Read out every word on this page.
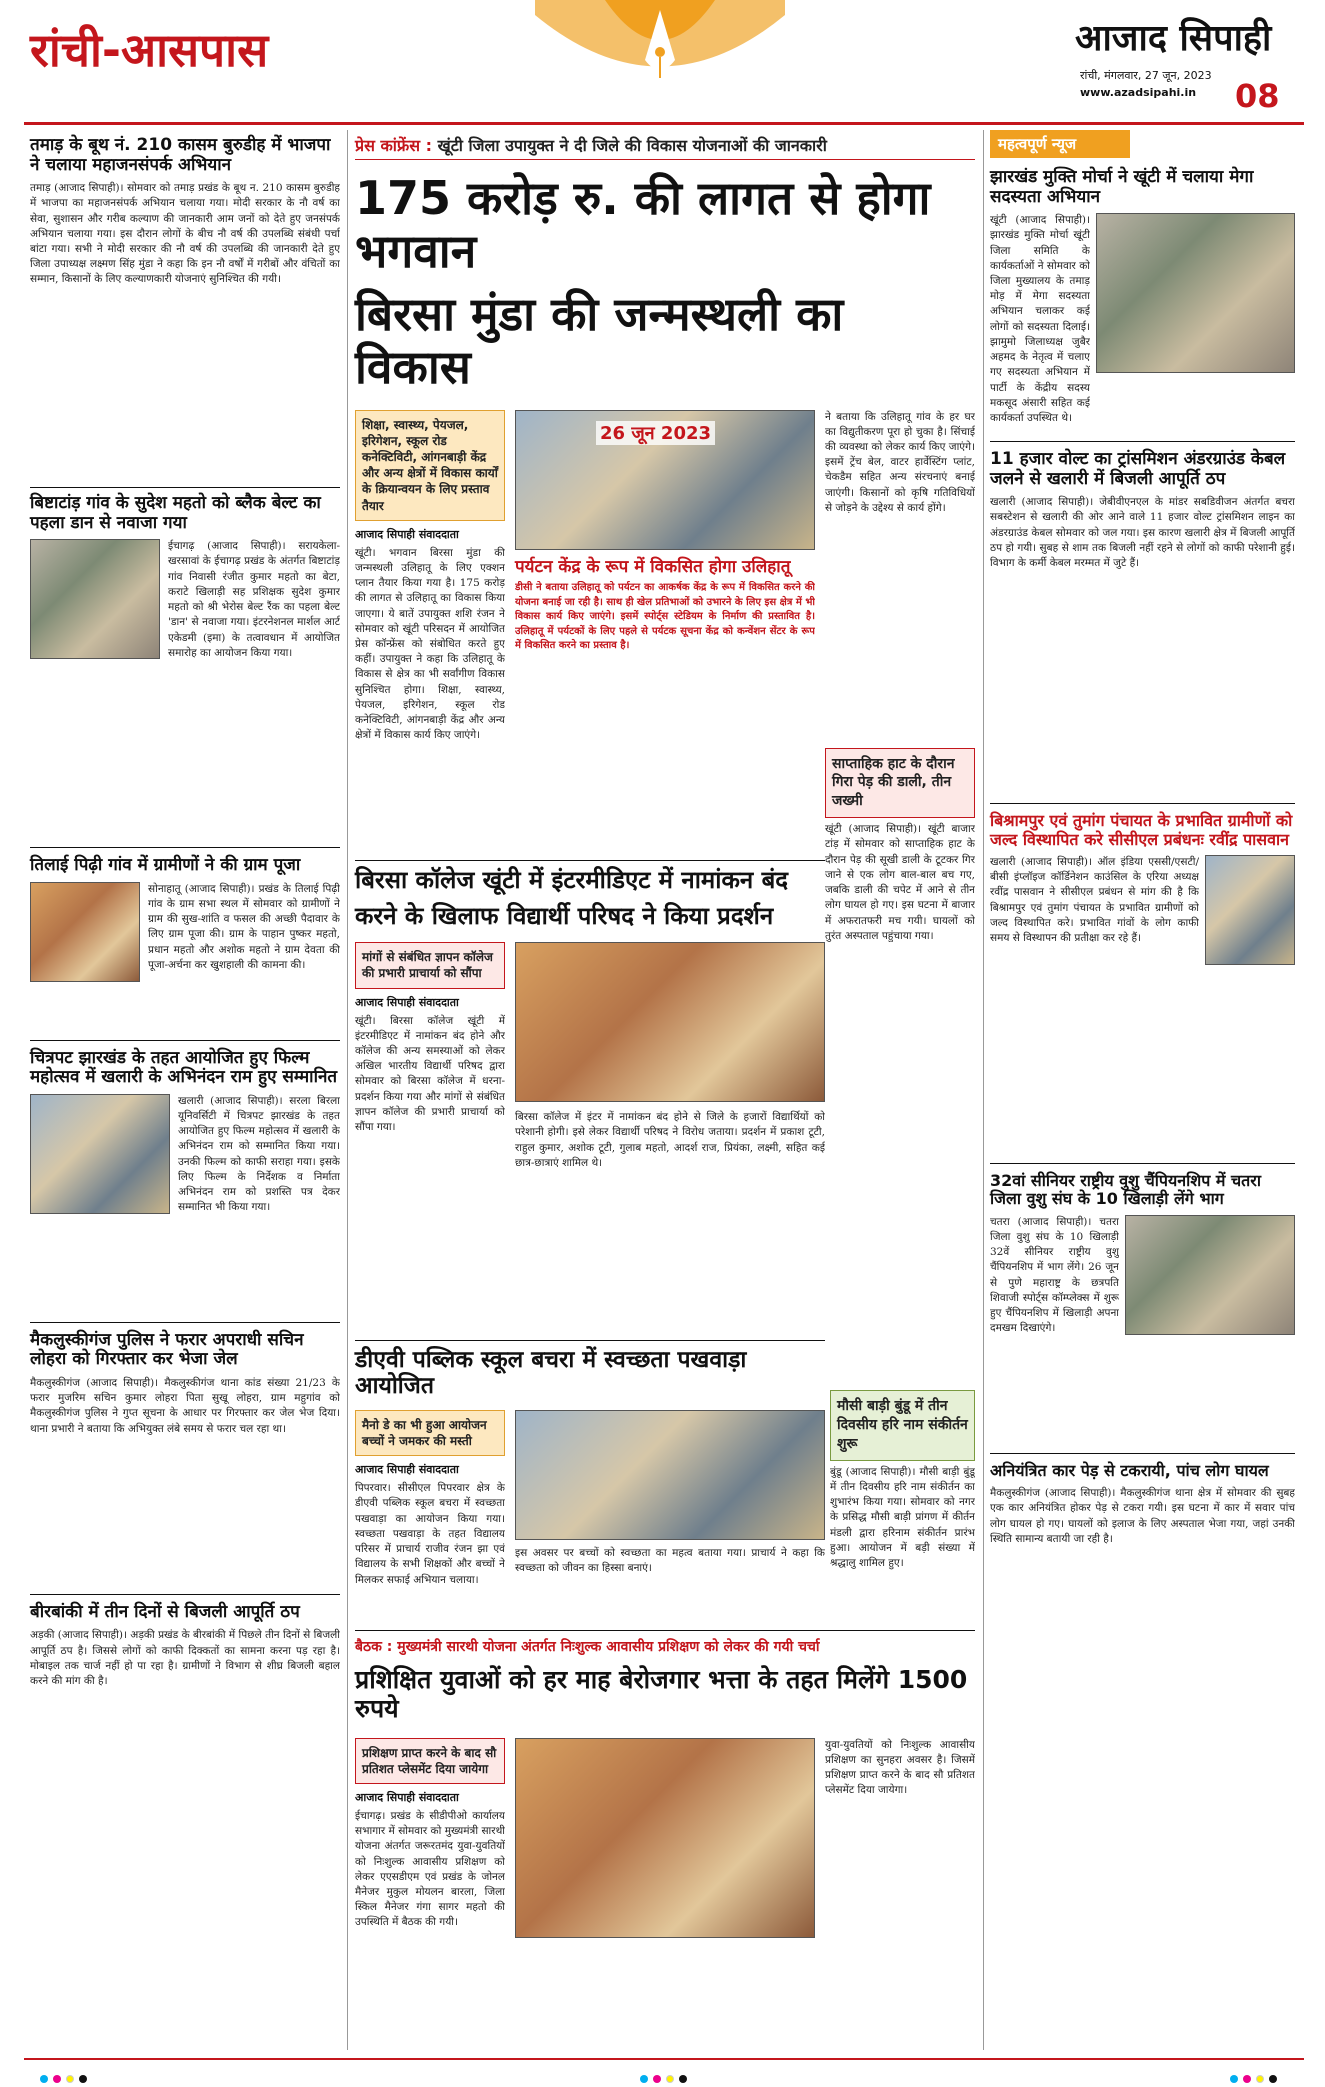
रांची-आसपास	आजाद सिपाही
रांची, मंगलवार, 27 जून, 2023
www.azadsipahi.in 08
तमाड़ के बूथ नं. 210 कासम बुरुडीह में भाजपा ने चलाया महाजनसंपर्क अभियान
तमाड़ (आजाद सिपाही)। सोमवार को तमाड़ प्रखंड के बूथ न. 210 कासम बुरुडीह में भाजपा का महाजनसंपर्क अभियान चलाया गया। मोदी सरकार के नौ वर्ष का सेवा, सुशासन और गरीब कल्याण की जानकारी आम जनों को देते हुए जनसंपर्क अभियान चलाया गया। इस दौरान लोगों के बीच नौ वर्ष की उपलब्धि संबंधी पर्चा बांटा गया। सभी ने मोदी सरकार की नौ वर्ष की उपलब्धि की जानकारी देते हुए जिला उपाध्यक्ष लक्ष्मण सिंह मुंडा ने कहा कि इन नौ वर्षों में गरीबों और वंचितों का सम्मान, किसानों के लिए कल्याणकारी योजनाएं सुनिश्चित की गयी।
बिष्टाटांड़ गांव के सुदेश महतो को ब्लैक बेल्ट का पहला डान से नवाजा गया
ईचागढ़ (आजाद सिपाही)। सरायकेला-खरसावां के ईचागढ़ प्रखंड के अंतर्गत बिष्टाटांड़ गांव निवासी रंजीत कुमार महतो का बेटा, कराटे खिलाड़ी सह प्रशिक्षक सुदेश कुमार महतो को श्री भेरोस बेल्ट रैंक का पहला बेल्ट 'डान' से नवाजा गया। इंटरनेशनल मार्शल आर्ट एकेडमी (इमा) के तत्वावधान में आयोजित समारोह का आयोजन किया गया।
तिलाई पिढ़ी गांव में ग्रामीणों ने की ग्राम पूजा
सोनाहातू (आजाद सिपाही)। प्रखंड के तिलाई पिढ़ी गांव के ग्राम सभा स्थल में सोमवार को ग्रामीणों ने ग्राम की सुख-शांति व फसल की अच्छी पैदावार के लिए ग्राम पूजा की। ग्राम के पाहान पुष्कर महतो, प्रधान महतो और अशोक महतो ने ग्राम देवता की पूजा-अर्चना कर खुशहाली की कामना की।
चित्रपट झारखंड के तहत आयोजित हुए फिल्म महोत्सव में खलारी के अभिनंदन राम हुए सम्मानित
खलारी (आजाद सिपाही)। सरला बिरला यूनिवर्सिटी में चित्रपट झारखंड के तहत आयोजित हुए फिल्म महोत्सव में खलारी के अभिनंदन राम को सम्मानित किया गया। उनकी फिल्म को काफी सराहा गया। इसके लिए फिल्म के निर्देशक व निर्माता अभिनंदन राम को प्रशस्ति पत्र देकर सम्मानित भी किया गया।
मैकलुस्कीगंज पुलिस ने फरार अपराधी सचिन लोहरा को गिरफ्तार कर भेजा जेल
मैकलुस्कीगंज (आजाद सिपाही)। मैकलुस्कीगंज थाना कांड संख्या 21/23 के फरार मुजरिम सचिन कुमार लोहरा पिता सुखू लोहरा, ग्राम महुगांव को मैकलुस्कीगंज पुलिस ने गुप्त सूचना के आधार पर गिरफ्तार कर जेल भेज दिया। थाना प्रभारी ने बताया कि अभियुक्त लंबे समय से फरार चल रहा था।
बीरबांकी में तीन दिनों से बिजली आपूर्ति ठप
अड़की (आजाद सिपाही)। अड़की प्रखंड के बीरबांकी में पिछले तीन दिनों से बिजली आपूर्ति ठप है। जिससे लोगों को काफी दिक्कतों का सामना करना पड़ रहा है। मोबाइल तक चार्ज नहीं हो पा रहा है। ग्रामीणों ने विभाग से शीघ्र बिजली बहाल करने की मांग की है।
प्रेस कांफ्रेंस : खूंटी जिला उपायुक्त ने दी जिले की विकास योजनाओं की जानकारी
175 करोड़ रु. की लागत से होगा भगवान
बिरसा मुंडा की जन्मस्थली का विकास
शिक्षा, स्वास्थ्य, पेयजल, इरिगेशन, स्कूल रोड कनेक्टिविटी, आंगनबाड़ी केंद्र और अन्य क्षेत्रों में विकास कार्यों के क्रियान्वयन के लिए प्रस्ताव तैयार
आजाद सिपाही संवाददाता
खूंटी। भगवान बिरसा मुंडा की जन्मस्थली उलिहातू के लिए एक्शन प्लान तैयार किया गया है। 175 करोड़ की लागत से उलिहातू का विकास किया जाएगा। ये बातें उपायुक्त शशि रंजन ने सोमवार को खूंटी परिसदन में आयोजित प्रेस कॉन्फ्रेंस को संबोधित करते हुए कहीं। उपायुक्त ने कहा कि उलिहातू के विकास से क्षेत्र का भी सर्वांगीण विकास सुनिश्चित होगा। शिक्षा, स्वास्थ्य, पेयजल, इरिगेशन, स्कूल रोड कनेक्टिविटी, आंगनबाड़ी केंद्र और अन्य क्षेत्रों में विकास कार्य किए जाएंगे।
26 जून 2023
पर्यटन केंद्र के रूप में विकसित होगा उलिहातू
डीसी ने बताया उलिहातू को पर्यटन का आकर्षक केंद्र के रूप में विकसित करने की योजना बनाई जा रही है। साथ ही खेल प्रतिभाओं को उभारने के लिए इस क्षेत्र में भी विकास कार्य किए जाएंगे। इसमें स्पोर्ट्स स्टेडियम के निर्माण की प्रस्तावित है। उलिहातू में पर्यटकों के लिए पहले से पर्यटक सूचना केंद्र को कन्वेंशन सेंटर के रूप में विकसित करने का प्रस्ताव है।
ने बताया कि उलिहातू गांव के हर घर का विद्युतीकरण पूरा हो चुका है। सिंचाई की व्यवस्था को लेकर कार्य किए जाएंगे। इसमें ट्रेंच बेल, वाटर हार्वेस्टिंग प्लांट, चेकडैम सहित अन्य संरचनाएं बनाई जाएंगी। किसानों को कृषि गतिविधियों से जोड़ने के उद्देश्य से कार्य होंगे।
साप्ताहिक हाट के दौरान गिरा पेड़ की डाली, तीन जख्मी
खूंटी (आजाद सिपाही)। खूंटी बाजार टांड़ में सोमवार को साप्ताहिक हाट के दौरान पेड़ की सूखी डाली के टूटकर गिर जाने से एक लोग बाल-बाल बच गए, जबकि डाली की चपेट में आने से तीन लोग घायल हो गए। इस घटना में बाजार में अफरातफरी मच गयी। घायलों को तुरंत अस्पताल पहुंचाया गया।
बिरसा कॉलेज खूंटी में इंटरमीडिएट में नामांकन बंद
करने के खिलाफ विद्यार्थी परिषद ने किया प्रदर्शन
मांगों से संबंधित ज्ञापन कॉलेज की प्रभारी प्राचार्या को सौंपा
आजाद सिपाही संवाददाता
खूंटी। बिरसा कॉलेज खूंटी में इंटरमीडिएट में नामांकन बंद होने और कॉलेज की अन्य समस्याओं को लेकर अखिल भारतीय विद्यार्थी परिषद द्वारा सोमवार को बिरसा कॉलेज में धरना-प्रदर्शन किया गया और मांगों से संबंधित ज्ञापन कॉलेज की प्रभारी प्राचार्या को सौंपा गया।
बिरसा कॉलेज में इंटर में नामांकन बंद होने से जिले के हजारों विद्यार्थियों को परेशानी होगी। इसे लेकर विद्यार्थी परिषद ने विरोध जताया। प्रदर्शन में प्रकाश टूटी, राहुल कुमार, अशोक टूटी, गुलाब महतो, आदर्श राज, प्रियंका, लक्ष्मी, सहित कई छात्र-छात्राएं शामिल थे।
मौसी बाड़ी बुंडू में तीन दिवसीय हरि नाम संकीर्तन शुरू
बुंडू (आजाद सिपाही)। मौसी बाड़ी बुंडू में तीन दिवसीय हरि नाम संकीर्तन का शुभारंभ किया गया। सोमवार को नगर के प्रसिद्ध मौसी बाड़ी प्रांगण में कीर्तन मंडली द्वारा हरिनाम संकीर्तन प्रारंभ हुआ। आयोजन में बड़ी संख्या में श्रद्धालु शामिल हुए।
डीएवी पब्लिक स्कूल बचरा में स्वच्छता पखवाड़ा आयोजित
मैनो डे का भी हुआ आयोजन बच्चों ने जमकर की मस्ती
आजाद सिपाही संवाददाता
पिपरवार। सीसीएल पिपरवार क्षेत्र के डीएवी पब्लिक स्कूल बचरा में स्वच्छता पखवाड़ा का आयोजन किया गया। स्वच्छता पखवाड़ा के तहत विद्यालय परिसर में प्राचार्य राजीव रंजन झा एवं विद्यालय के सभी शिक्षकों और बच्चों ने मिलकर सफाई अभियान चलाया।
इस अवसर पर बच्चों को स्वच्छता का महत्व बताया गया। प्राचार्य ने कहा कि स्वच्छता को जीवन का हिस्सा बनाएं।
बैठक : मुख्यमंत्री सारथी योजना अंतर्गत निःशुल्क आवासीय प्रशिक्षण को लेकर की गयी चर्चा
प्रशिक्षित युवाओं को हर माह बेरोजगार भत्ता के तहत मिलेंगे 1500 रुपये
प्रशिक्षण प्राप्त करने के बाद सौ प्रतिशत प्लेसमेंट दिया जायेगा
आजाद सिपाही संवाददाता
ईचागढ़। प्रखंड के सीडीपीओ कार्यालय सभागार में सोमवार को मुख्यमंत्री सारथी योजना अंतर्गत जरूरतमंद युवा-युवतियों को निःशुल्क आवासीय प्रशिक्षण को लेकर एएसडीएम एवं प्रखंड के जोनल मैनेजर मुकुल मोयलन बारला, जिला स्किल मैनेजर गंगा सागर महतो की उपस्थिति में बैठक की गयी।
युवा-युवतियों को निःशुल्क आवासीय प्रशिक्षण का सुनहरा अवसर है। जिसमें प्रशिक्षण प्राप्त करने के बाद सौ प्रतिशत प्लेसमेंट दिया जायेगा।
महत्वपूर्ण न्यूज
झारखंड मुक्ति मोर्चा ने खूंटी में चलाया मेगा सदस्यता अभियान
खूंटी (आजाद सिपाही)। झारखंड मुक्ति मोर्चा खूंटी जिला समिति के कार्यकर्ताओं ने सोमवार को जिला मुख्यालय के तमाड़ मोड़ में मेगा सदस्यता अभियान चलाकर कई लोगों को सदस्यता दिलाई। झामुमो जिलाध्यक्ष जुबैर अहमद के नेतृत्व में चलाए गए सदस्यता अभियान में पार्टी के केंद्रीय सदस्य मकसूद अंसारी सहित कई कार्यकर्ता उपस्थित थे।
11 हजार वोल्ट का ट्रांसमिशन अंडरग्राउंड केबल जलने से खलारी में बिजली आपूर्ति ठप
खलारी (आजाद सिपाही)। जेबीवीएनएल के मांडर सबडिवीजन अंतर्गत बचरा सबस्टेशन से खलारी की ओर आने वाले 11 हजार वोल्ट ट्रांसमिशन लाइन का अंडरग्राउंड केबल सोमवार को जल गया। इस कारण खलारी क्षेत्र में बिजली आपूर्ति ठप हो गयी। सुबह से शाम तक बिजली नहीं रहने से लोगों को काफी परेशानी हुई। विभाग के कर्मी केबल मरम्मत में जुटे हैं।
बिश्रामपुर एवं तुमांग पंचायत के प्रभावित ग्रामीणों को जल्द विस्थापित करे सीसीएल प्रबंधनः रवींद्र पासवान
खलारी (आजाद सिपाही)। ऑल इंडिया एससी/एसटी/बीसी इंप्लॉइज कॉर्डिनेशन काउंसिल के एरिया अध्यक्ष रवींद्र पासवान ने सीसीएल प्रबंधन से मांग की है कि बिश्रामपुर एवं तुमांग पंचायत के प्रभावित ग्रामीणों को जल्द विस्थापित करे। प्रभावित गांवों के लोग काफी समय से विस्थापन की प्रतीक्षा कर रहे हैं।
32वां सीनियर राष्ट्रीय वुशु चैंपियनशिप में चतरा जिला वुशु संघ के 10 खिलाड़ी लेंगे भाग
चतरा (आजाद सिपाही)। चतरा जिला वुशु संघ के 10 खिलाड़ी 32वें सीनियर राष्ट्रीय वुशु चैंपियनशिप में भाग लेंगे। 26 जून से पुणे महाराष्ट्र के छत्रपति शिवाजी स्पोर्ट्स कॉम्प्लेक्स में शुरू हुए चैंपियनशिप में खिलाड़ी अपना दमखम दिखाएंगे।
अनियंत्रित कार पेड़ से टकरायी, पांच लोग घायल
मैकलुस्कीगंज (आजाद सिपाही)। मैकलुस्कीगंज थाना क्षेत्र में सोमवार की सुबह एक कार अनियंत्रित होकर पेड़ से टकरा गयी। इस घटना में कार में सवार पांच लोग घायल हो गए। घायलों को इलाज के लिए अस्पताल भेजा गया, जहां उनकी स्थिति सामान्य बतायी जा रही है।
